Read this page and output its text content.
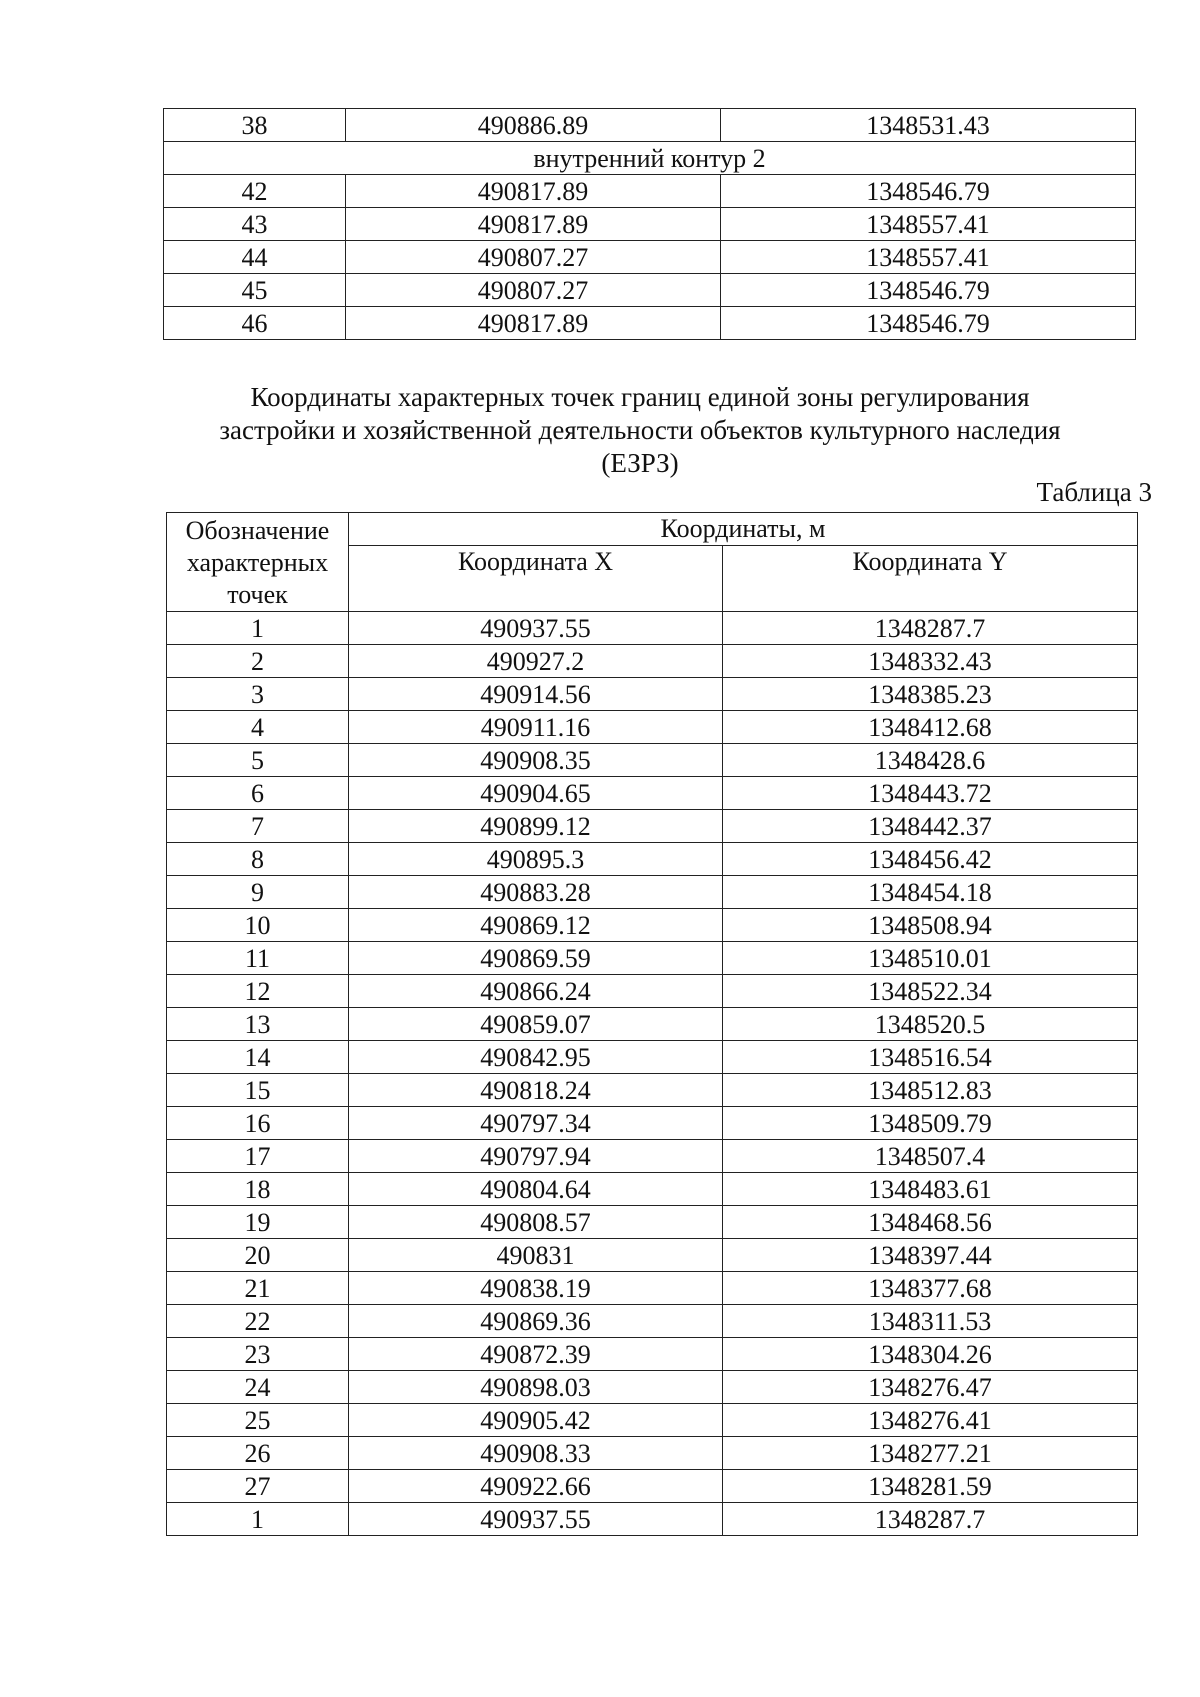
38	490886.89	1348531.43
внутренний контур 2		
42	490817.89	1348546.79
43	490817.89	1348557.41
44	490807.27	1348557.41
45	490807.27	1348546.79
46	490817.89	1348546.79
Координаты характерных точек границ единой зоны регулирования
застройки и хозяйственной деятельности объектов культурного наследия
(ЕЗРЗ)
Таблица 3
Обозначение характерных точек	Координаты, м	
	Координата X	Координата Y
1	490937.55	1348287.7
2	490927.2	1348332.43
3	490914.56	1348385.23
4	490911.16	1348412.68
5	490908.35	1348428.6
6	490904.65	1348443.72
7	490899.12	1348442.37
8	490895.3	1348456.42
9	490883.28	1348454.18
10	490869.12	1348508.94
11	490869.59	1348510.01
12	490866.24	1348522.34
13	490859.07	1348520.5
14	490842.95	1348516.54
15	490818.24	1348512.83
16	490797.34	1348509.79
17	490797.94	1348507.4
18	490804.64	1348483.61
19	490808.57	1348468.56
20	490831	1348397.44
21	490838.19	1348377.68
22	490869.36	1348311.53
23	490872.39	1348304.26
24	490898.03	1348276.47
25	490905.42	1348276.41
26	490908.33	1348277.21
27	490922.66	1348281.59
1	490937.55	1348287.7
